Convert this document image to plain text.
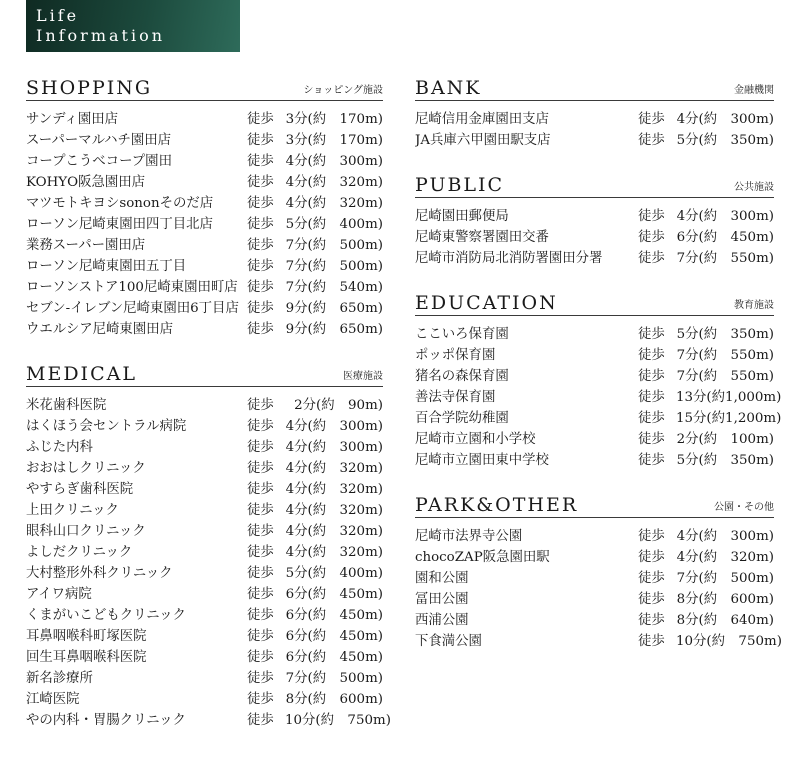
Life
Information
SHOPPING	ショッピング施設
サンディ園田店	徒歩 3分(約　170m)
スーパーマルハチ園田店	徒歩 3分(約　170m)
コープこうべコープ園田	徒歩 4分(約　300m)
KOHYO阪急園田店	徒歩 4分(約　320m)
マツモトキヨシsononそのだ店	徒歩 4分(約　320m)
ローソン尼崎東園田四丁目北店	徒歩 5分(約　400m)
業務スーパー園田店	徒歩 7分(約　500m)
ローソン尼崎東園田五丁目	徒歩 7分(約　500m)
ローソンストア100尼崎東園田町店 徒歩 7分(約　540m)
セブン-イレブン尼崎東園田6丁目店 徒歩 9分(約　650m)
ウエルシア尼崎東園田店	徒歩 9分(約　650m)
MEDICAL	医療施設
米花歯科医院	徒歩	2分(約　90m)
はくほう会セントラル病院	徒歩 4分(約　300m)
ふじた内科	徒歩 4分(約　300m)
おおはしクリニック	徒歩 4分(約　320m)
やすらぎ歯科医院	徒歩 4分(約　320m)
上田クリニック	徒歩 4分(約　320m)
眼科山口クリニック	徒歩 4分(約　320m)
よしだクリニック	徒歩 4分(約　320m)
大村整形外科クリニック	徒歩 5分(約　400m)
アイワ病院	徒歩 6分(約　450m)
くまがいこどもクリニック	徒歩 6分(約　450m)
耳鼻咽喉科町塚医院	徒歩 6分(約　450m)
回生耳鼻咽喉科医院	徒歩 6分(約　450m)
新名診療所	徒歩 7分(約　500m)
江崎医院	徒歩 8分(約　600m)
やの内科・胃腸クリニック	徒歩 10分(約　750m)
BANK	金融機関
尼崎信用金庫園田支店	徒歩 4分(約　300m)
JA兵庫六甲園田駅支店	徒歩 5分(約　350m)
PUBLIC	公共施設
尼崎園田郵便局	徒歩 4分(約　300m)
尼崎東警察署園田交番	徒歩 6分(約　450m)
尼崎市消防局北消防署園田分署	徒歩 7分(約　550m)
EDUCATION	教育施設
ここいろ保育園	徒歩 5分(約　350m)
ポッポ保育園	徒歩 7分(約　550m)
猪名の森保育園	徒歩 7分(約　550m)
善法寺保育園	徒歩 13分(約1,000m)
百合学院幼稚園	徒歩 15分(約1,200m)
尼崎市立園和小学校	徒歩 2分(約　100m)
尼崎市立園田東中学校	徒歩 5分(約　350m)
PARK&OTHER	公園・その他
尼崎市法界寺公園	徒歩 4分(約　300m)
chocoZAP阪急園田駅	徒歩 4分(約　320m)
園和公園	徒歩 7分(約　500m)
冨田公園	徒歩 8分(約　600m)
西浦公園	徒歩 8分(約　640m)
下食満公園	徒歩 10分(約　750m)
